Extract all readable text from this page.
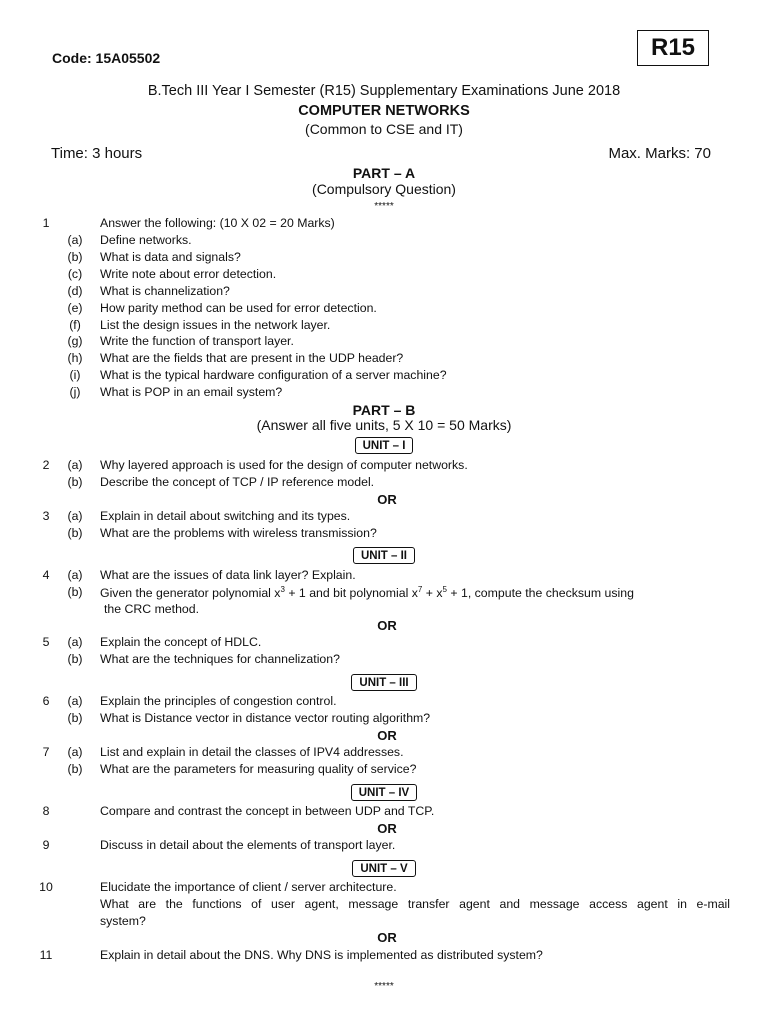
Code: 15A05502	R15
B.Tech III Year I Semester (R15) Supplementary Examinations June 2018
COMPUTER NETWORKS
(Common to CSE and IT)
Time: 3 hours	Max. Marks: 70
PART – A
(Compulsory Question)
*****
1	Answer the following: (10 X 02 = 20 Marks)
(a)	Define networks.
(b)	What is data and signals?
(c)	Write note about error detection.
(d)	What is channelization?
(e)	How parity method can be used for error detection.
(f)	List the design issues in the network layer.
(g)	Write the function of transport layer.
(h)	What are the fields that are present in the UDP header?
(i)	What is the typical hardware configuration of a server machine?
(j)	What is POP in an email system?
PART – B
(Answer all five units, 5 X 10 = 50 Marks)
UNIT – I
2	(a)	Why layered approach is used for the design of computer networks.
(b)	Describe the concept of TCP / IP reference model.
OR
3	(a)	Explain in detail about switching and its types.
(b)	What are the problems with wireless transmission?
UNIT – II
4	(a)	What are the issues of data link layer? Explain.
(b)	Given the generator polynomial $x^3 + 1$ and bit polynomial $x^7 + x^5 + 1$, compute the checksum using
the CRC method.
OR
5	(a)	Explain the concept of HDLC.
(b)	What are the techniques for channelization?
UNIT – III
6	(a)	Explain the principles of congestion control.
(b)	What is Distance vector in distance vector routing algorithm?
OR
7	(a)	List and explain in detail the classes of IPV4 addresses.
(b)	What are the parameters for measuring quality of service?
UNIT – IV
8	Compare and contrast the concept in between UDP and TCP.
OR
9	Discuss in detail about the elements of transport layer.
UNIT – V
10	Elucidate the importance of client / server architecture.
What are the functions of user agent, message transfer agent and message access agent in e-mail
system?
OR
11	Explain in detail about the DNS. Why DNS is implemented as distributed system?
*****
